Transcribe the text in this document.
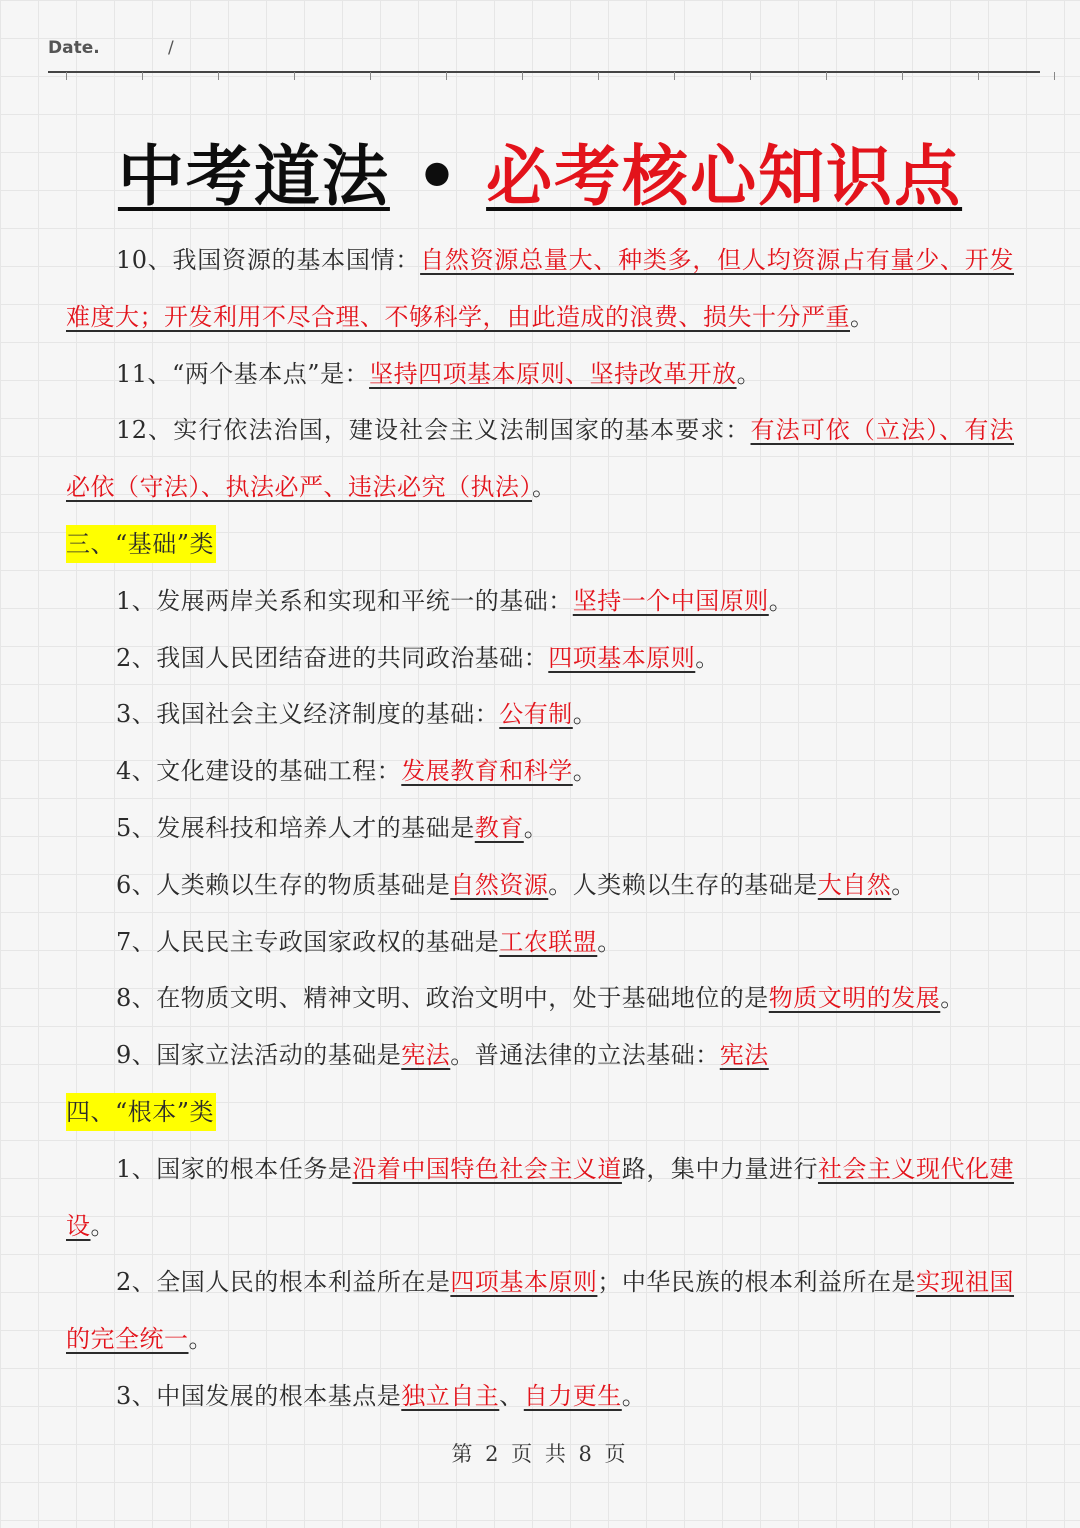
Date.	/
中考道法 • 必考核心知识点

10、我国资源的基本国情：自然资源总量大、种类多，但人均资源占有量少、开发难度大；开发利用不尽合理、不够科学，由此造成的浪费、损失十分严重。

11、“两个基本点”是：坚持四项基本原则、坚持改革开放。

12、实行依法治国，建设社会主义法制国家的基本要求：有法可依（立法）、有法必依（守法）、执法必严、违法必究（执法）。

三、“基础”类

1、发展两岸关系和实现和平统一的基础：坚持一个中国原则。

2、我国人民团结奋进的共同政治基础：四项基本原则。

3、我国社会主义经济制度的基础：公有制。

4、文化建设的基础工程：发展教育和科学。

5、发展科技和培养人才的基础是教育。

6、人类赖以生存的物质基础是自然资源。人类赖以生存的基础是大自然。

7、人民民主专政国家政权的基础是工农联盟。

8、在物质文明、精神文明、政治文明中，处于基础地位的是物质文明的发展。

9、国家立法活动的基础是宪法。普通法律的立法基础：宪法

四、“根本”类

1、国家的根本任务是沿着中国特色社会主义道路，集中力量进行社会主义现代化建设。

2、全国人民的根本利益所在是四项基本原则；中华民族的根本利益所在是实现祖国的完全统一。

3、中国发展的根本基点是独立自主、自力更生。

第 2 页 共 8 页
